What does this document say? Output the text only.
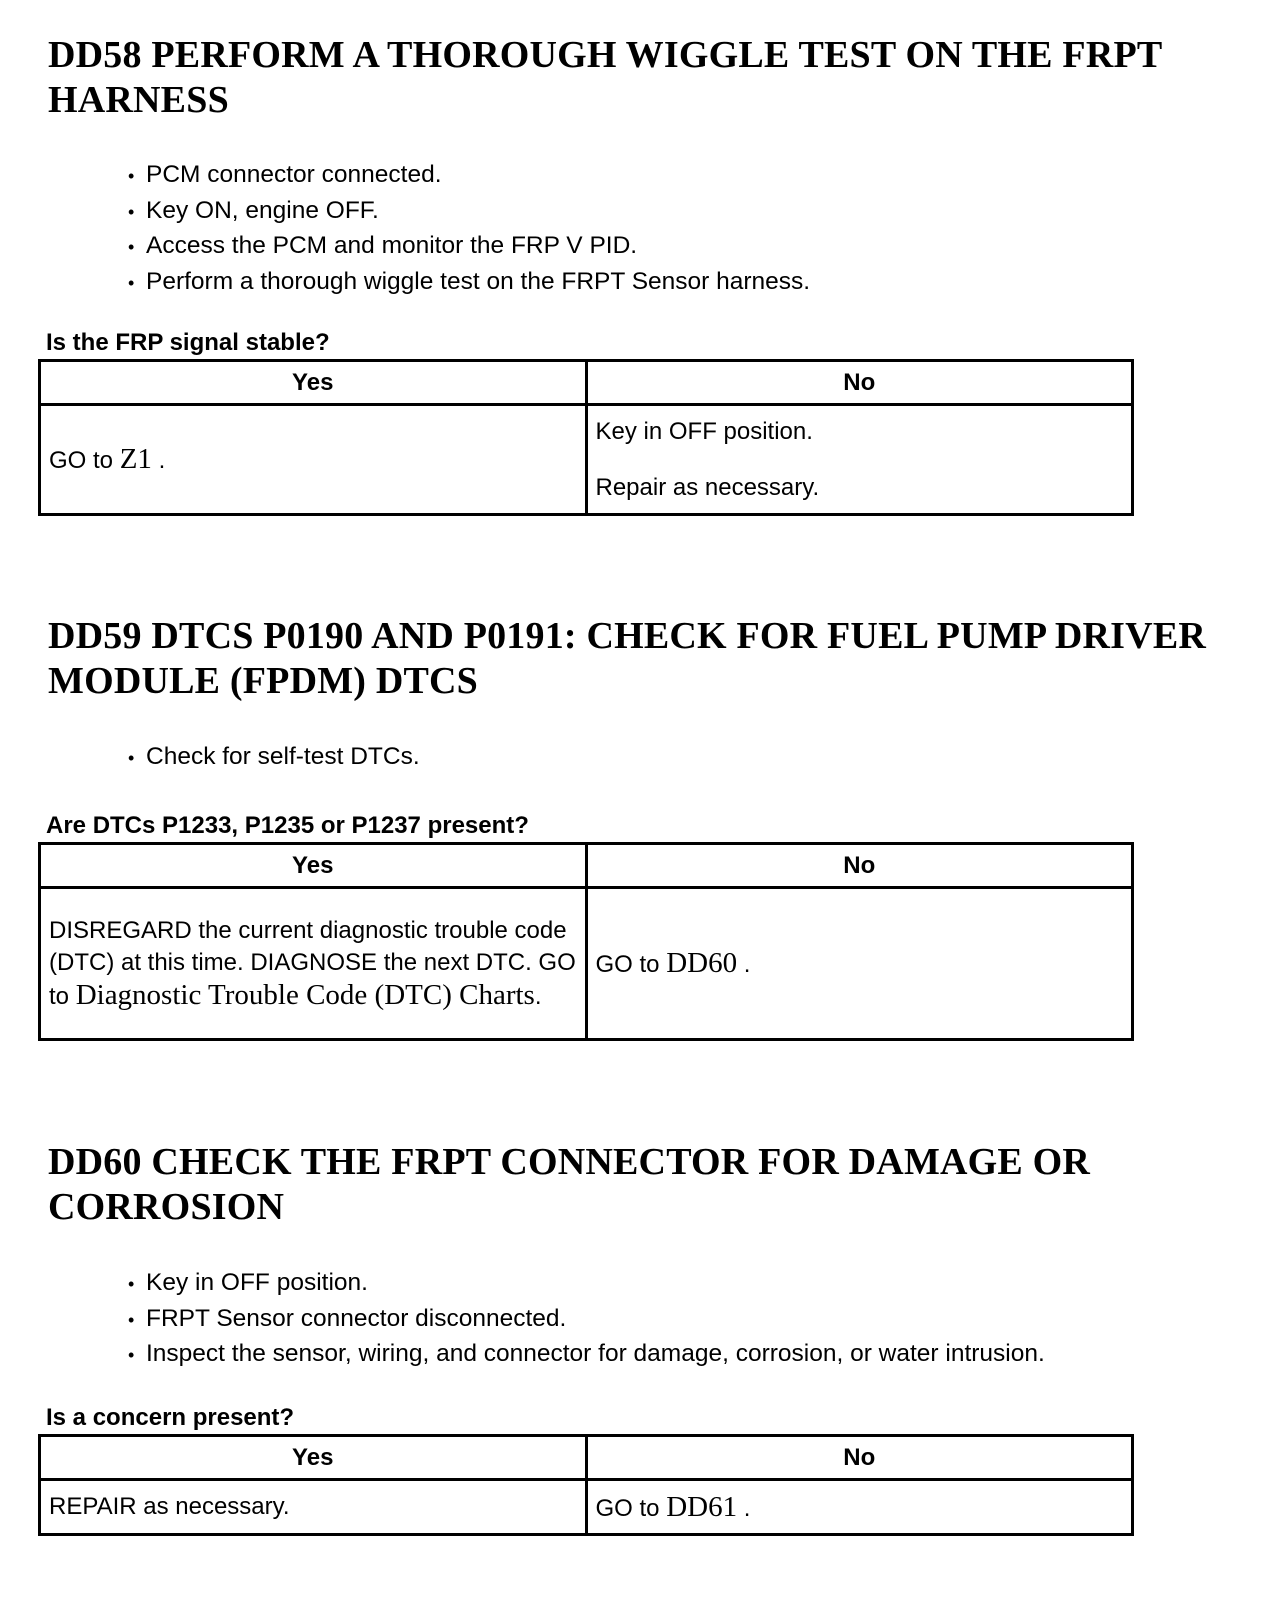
DD58 PERFORM A THOROUGH WIGGLE TEST ON THE FRPT HARNESS
• PCM connector connected.
• Key ON, engine OFF.
• Access the PCM and monitor the FRP V PID.
• Perform a thorough wiggle test on the FRPT Sensor harness.

Is the FRP signal stable?

Yes	No
GO to Z1 .	Key in OFF position.
Repair as necessary.
DD59 DTCS P0190 AND P0191: CHECK FOR FUEL PUMP DRIVER MODULE (FPDM) DTCS
• Check for self-test DTCs.

Are DTCs P1233, P1235 or P1237 present?

Yes	No
DISREGARD the current diagnostic trouble code (DTC) at this time. DIAGNOSE the next DTC. GO to Diagnostic Trouble Code (DTC) Charts.	GO to DD60 .
DD60 CHECK THE FRPT CONNECTOR FOR DAMAGE OR CORROSION
• Key in OFF position.
• FRPT Sensor connector disconnected.
• Inspect the sensor, wiring, and connector for damage, corrosion, or water intrusion.

Is a concern present?

Yes	No
REPAIR as necessary.	GO to DD61 .
